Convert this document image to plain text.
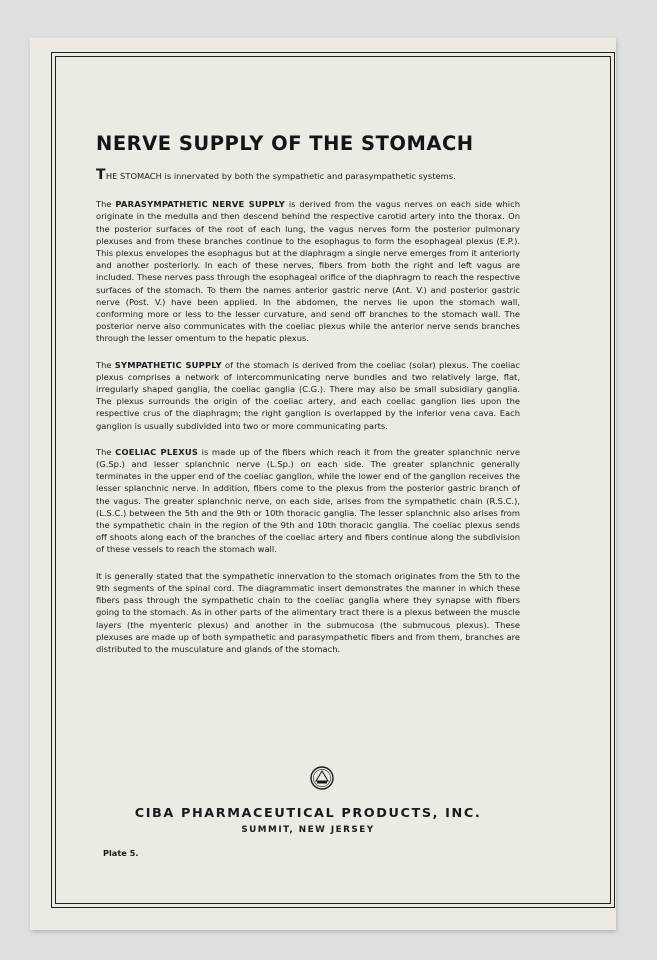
NERVE SUPPLY OF THE STOMACH

THE STOMACH is innervated by both the sympathetic and parasympathetic systems.

The PARASYMPATHETIC NERVE SUPPLY is derived from the vagus nerves on each side which originate in the medulla and then descend behind the respective carotid artery into the thorax. On the posterior surfaces of the root of each lung, the vagus nerves form the posterior pulmonary plexuses and from these branches continue to the esophagus to form the esophageal plexus (E.P.). This plexus envelopes the esophagus but at the diaphragm a single nerve emerges from it anteriorly and another posteriorly. In each of these nerves, fibers from both the right and left vagus are included. These nerves pass through the esophageal orifice of the diaphragm to reach the respective surfaces of the stomach. To them the names anterior gastric nerve (Ant. V.) and posterior gastric nerve (Post. V.) have been applied. In the abdomen, the nerves lie upon the stomach wall, conforming more or less to the lesser curvature, and send off branches to the stomach wall. The posterior nerve also communicates with the coeliac plexus while the anterior nerve sends branches through the lesser omentum to the hepatic plexus.

The SYMPATHETIC SUPPLY of the stomach is derived from the coeliac (solar) plexus. The coeliac plexus comprises a network of intercommunicating nerve bundles and two relatively large, flat, irregularly shaped ganglia, the coeliac ganglia (C.G.). There may also be small subsidiary ganglia. The plexus surrounds the origin of the coeliac artery, and each coeliac ganglion lies upon the respective crus of the diaphragm; the right ganglion is overlapped by the inferior vena cava. Each ganglion is usually subdivided into two or more communicating parts.

The COELIAC PLEXUS is made up of the fibers which reach it from the greater splanchnic nerve (G.Sp.) and lesser splanchnic nerve (L.Sp.) on each side. The greater splanchnic generally terminates in the upper end of the coeliac ganglion, while the lower end of the ganglion receives the lesser splanchnic nerve. In addition, fibers come to the plexus from the posterior gastric branch of the vagus. The greater splanchnic nerve, on each side, arises from the sympathetic chain (R.S.C.), (L.S.C.) between the 5th and the 9th or 10th thoracic ganglia. The lesser splanchnic also arises from the sympathetic chain in the region of the 9th and 10th thoracic ganglia. The coeliac plexus sends off shoots along each of the branches of the coeliac artery and fibers continue along the subdivision of these vessels to reach the stomach wall.

It is generally stated that the sympathetic innervation to the stomach originates from the 5th to the 9th segments of the spinal cord. The diagrammatic insert demonstrates the manner in which these fibers pass through the sympathetic chain to the coeliac ganglia where they synapse with fibers going to the stomach. As in other parts of the alimentary tract there is a plexus between the muscle layers (the myenteric plexus) and another in the submucosa (the submucous plexus). These plexuses are made up of both sympathetic and parasympathetic fibers and from them, branches are distributed to the musculature and glands of the stomach.

CIBA PHARMACEUTICAL PRODUCTS, INC.
SUMMIT, NEW JERSEY
Plate 5.
